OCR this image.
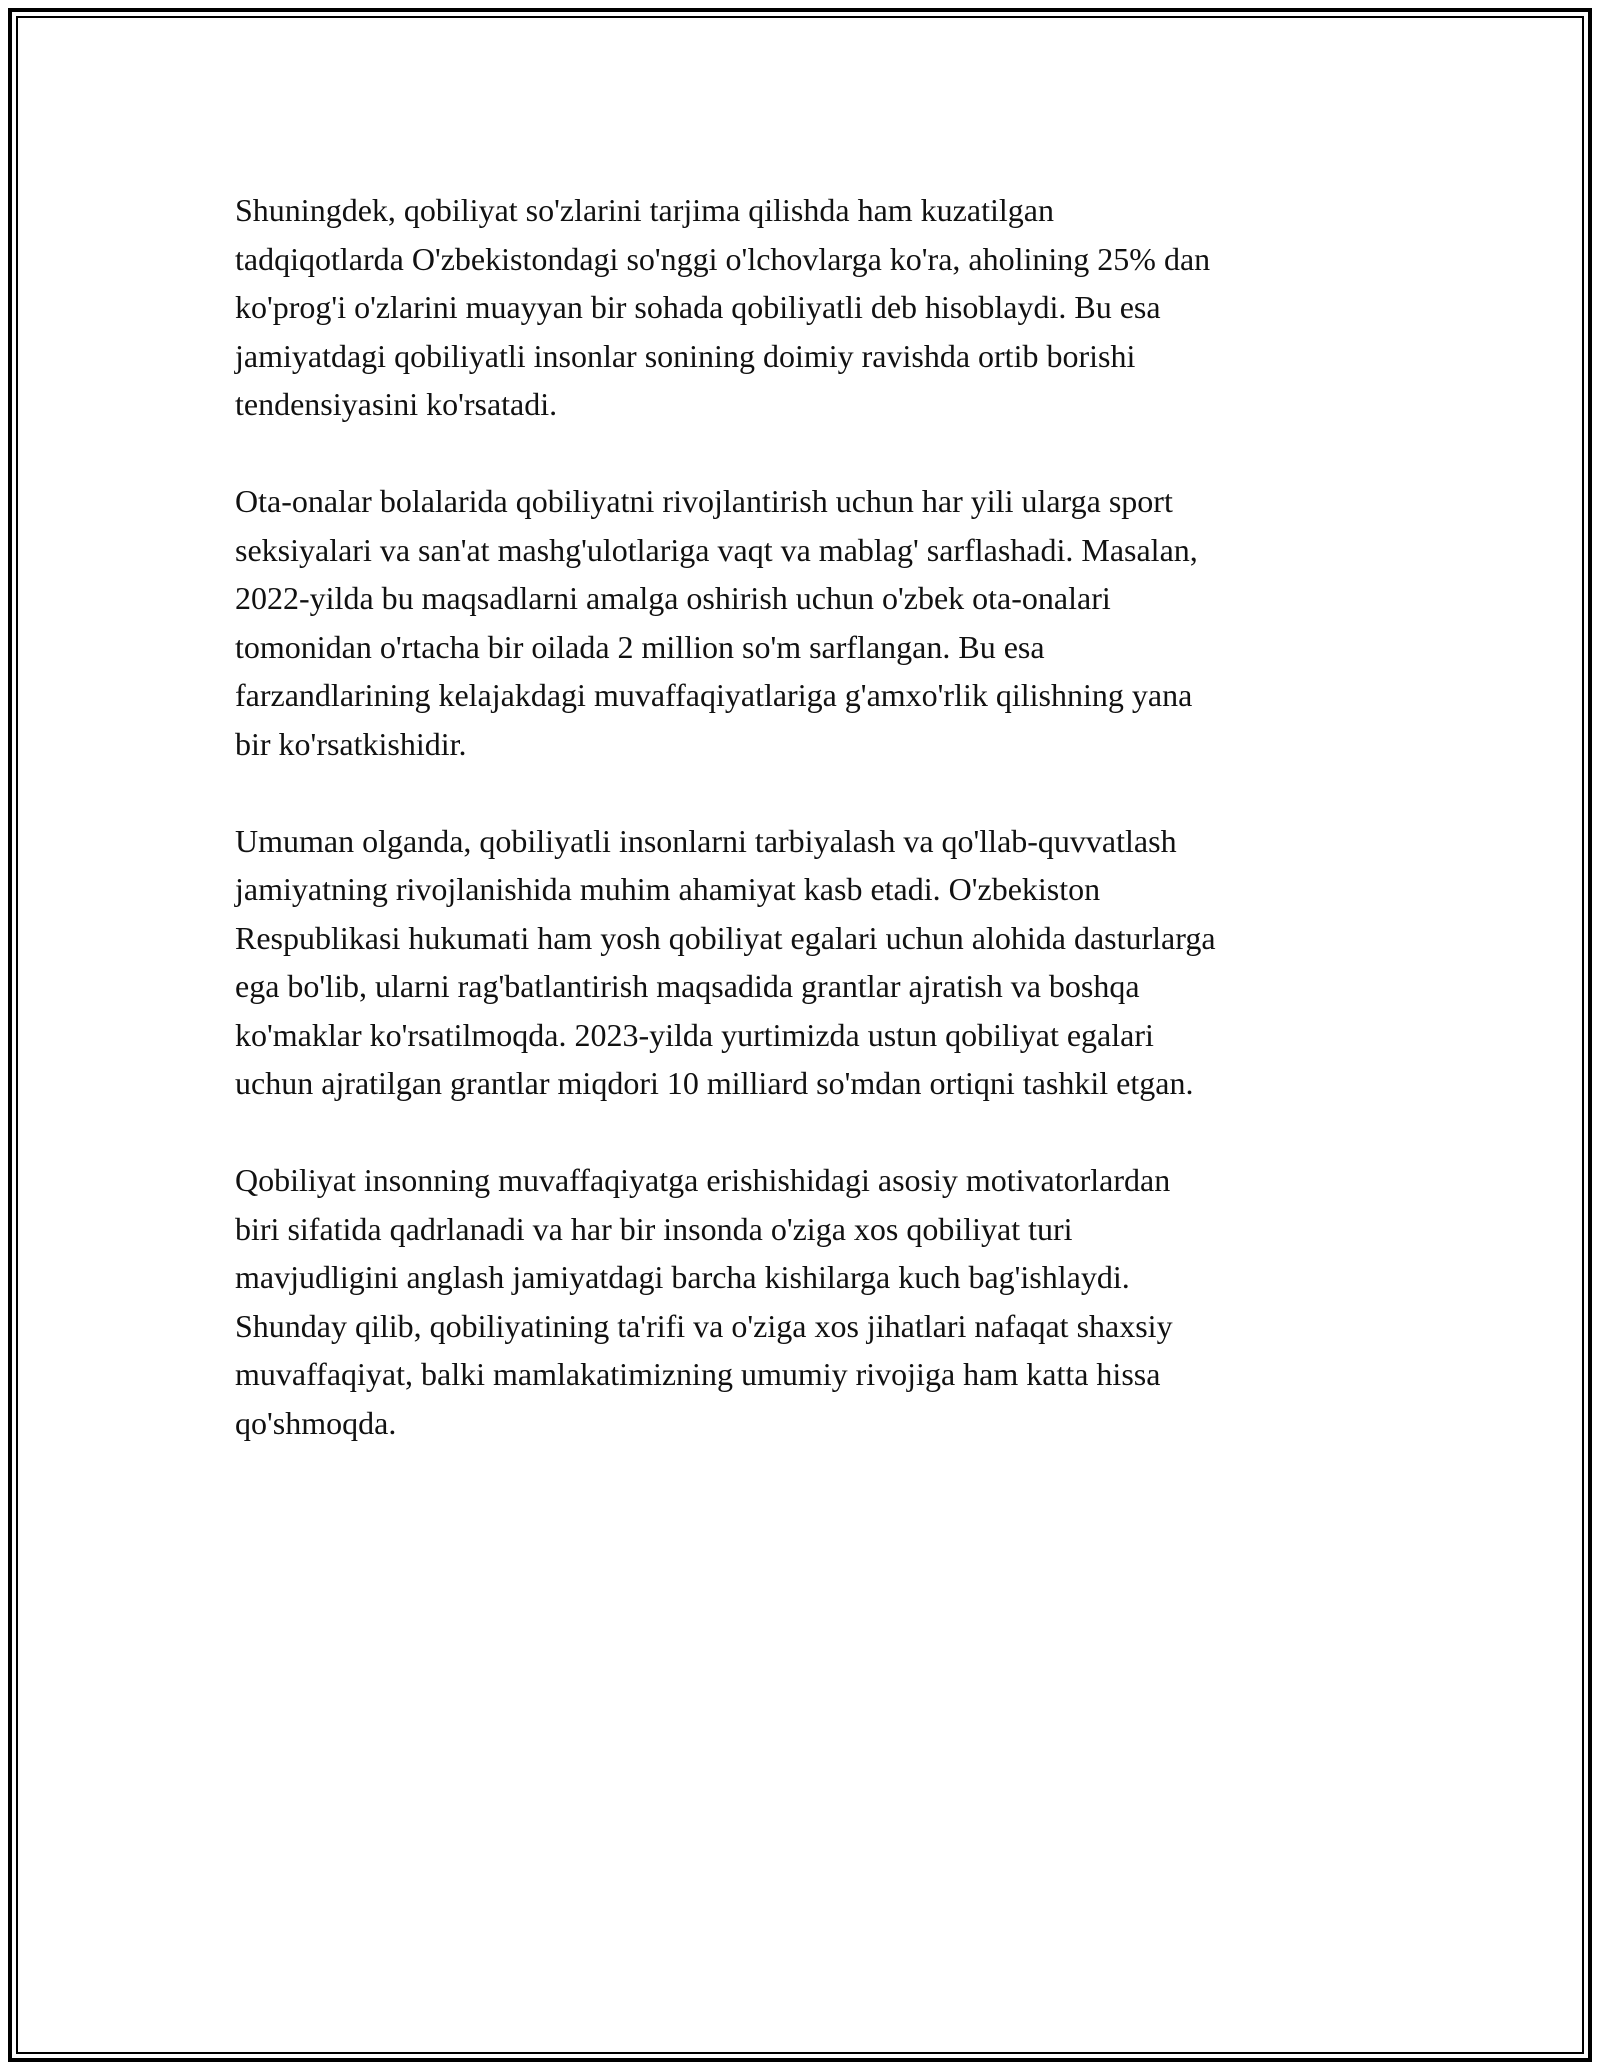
Shuningdek, qobiliyat so'zlarini tarjima qilishda ham kuzatilgan
tadqiqotlarda O'zbekistondagi so'nggi o'lchovlarga ko'ra, aholining 25% dan
ko'prog'i o'zlarini muayyan bir sohada qobiliyatli deb hisoblaydi. Bu esa
jamiyatdagi qobiliyatli insonlar sonining doimiy ravishda ortib borishi
tendensiyasini ko'rsatadi.

Ota-onalar bolalarida qobiliyatni rivojlantirish uchun har yili ularga sport
seksiyalari va san'at mashg'ulotlariga vaqt va mablag' sarflashadi. Masalan,
2022-yilda bu maqsadlarni amalga oshirish uchun o'zbek ota-onalari
tomonidan o'rtacha bir oilada 2 million so'm sarflangan. Bu esa
farzandlarining kelajakdagi muvaffaqiyatlariga g'amxo'rlik qilishning yana
bir ko'rsatkishidir.

Umuman olganda, qobiliyatli insonlarni tarbiyalash va qo'llab-quvvatlash
jamiyatning rivojlanishida muhim ahamiyat kasb etadi. O'zbekiston
Respublikasi hukumati ham yosh qobiliyat egalari uchun alohida dasturlarga
ega bo'lib, ularni rag'batlantirish maqsadida grantlar ajratish va boshqa
ko'maklar ko'rsatilmoqda. 2023-yilda yurtimizda ustun qobiliyat egalari
uchun ajratilgan grantlar miqdori 10 milliard so'mdan ortiqni tashkil etgan.

Qobiliyat insonning muvaffaqiyatga erishishidagi asosiy motivatorlardan
biri sifatida qadrlanadi va har bir insonda o'ziga xos qobiliyat turi
mavjudligini anglash jamiyatdagi barcha kishilarga kuch bag'ishlaydi.
Shunday qilib, qobiliyatining ta'rifi va o'ziga xos jihatlari nafaqat shaxsiy
muvaffaqiyat, balki mamlakatimizning umumiy rivojiga ham katta hissa
qo'shmoqda.
